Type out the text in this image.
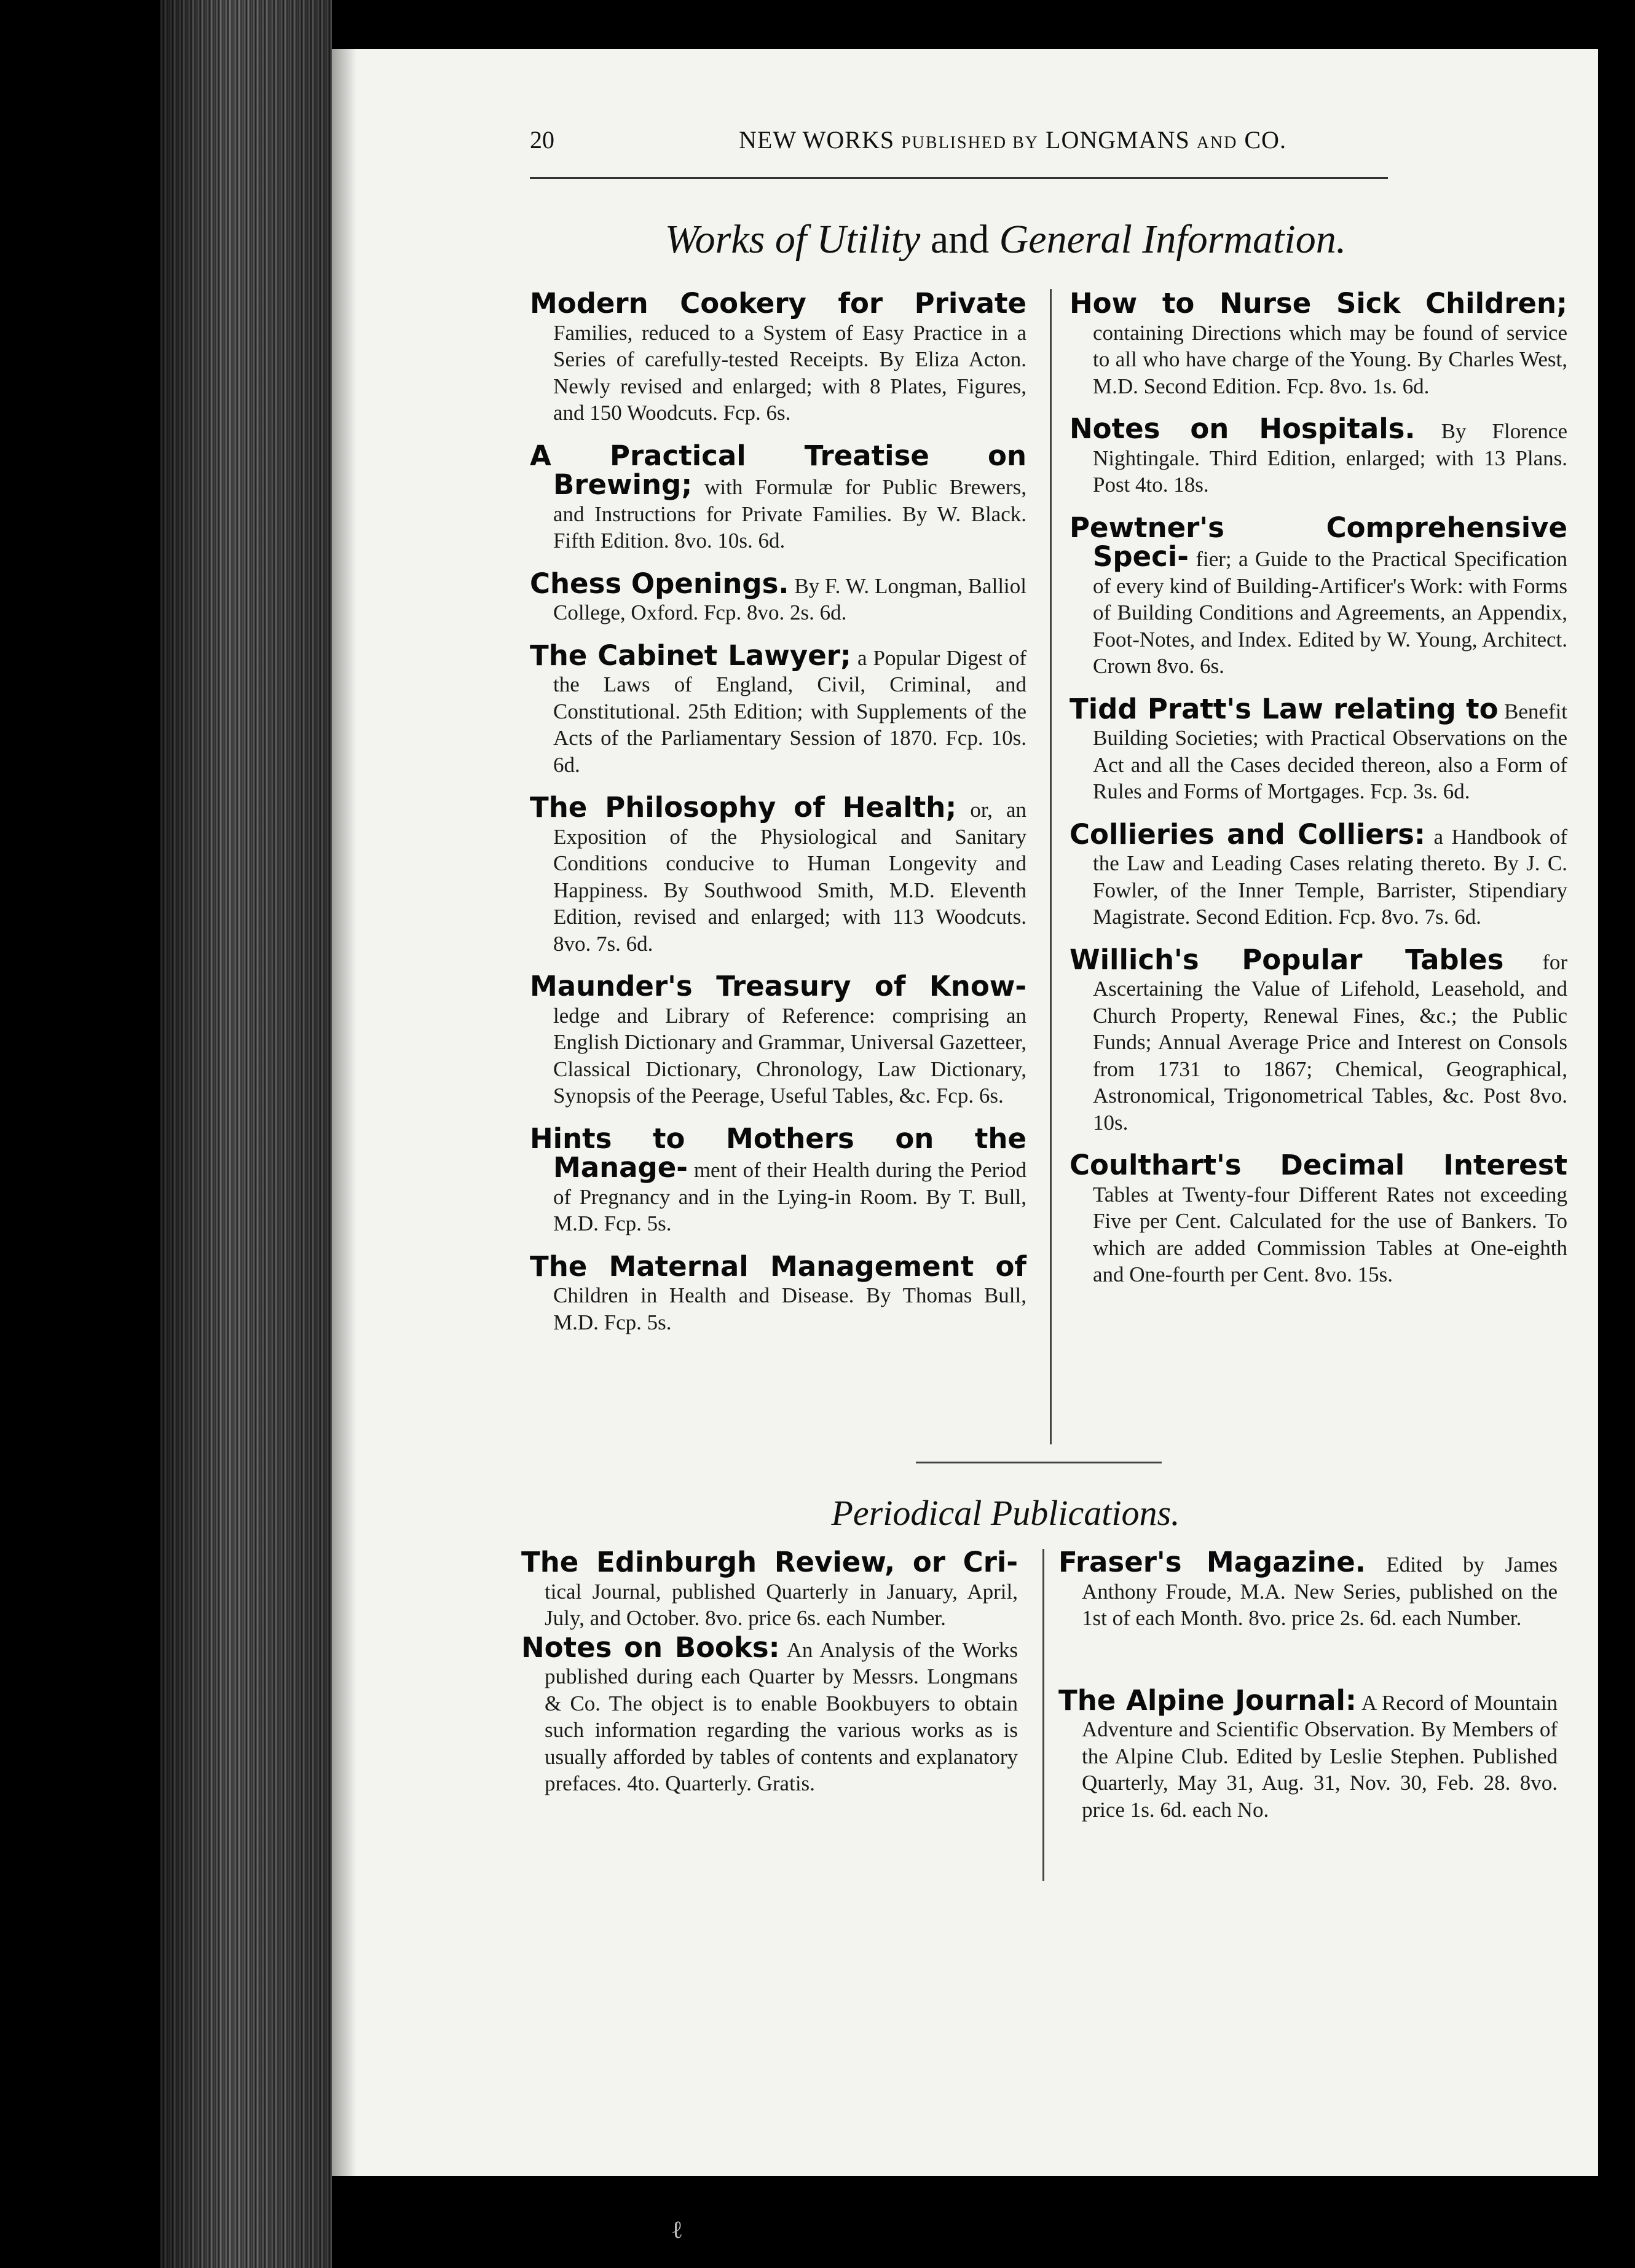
20	NEW WORKS PUBLISHED BY LONGMANS AND CO.
Works of Utility and General Information.

Modern Cookery for Private Families, reduced to a System of Easy Practice in a Series of carefully-tested Receipts. By Eliza Acton. Newly revised and enlarged; with 8 Plates, Figures, and 150 Woodcuts. Fcp. 6s.

A Practical Treatise on Brewing; with Formulæ for Public Brewers, and Instructions for Private Families. By W. Black. Fifth Edition. 8vo. 10s. 6d.

Chess Openings. By F. W. Longman, Balliol College, Oxford. Fcp. 8vo. 2s. 6d.

The Cabinet Lawyer; a Popular Digest of the Laws of England, Civil, Criminal, and Constitutional. 25th Edition; with Supplements of the Acts of the Parliamentary Session of 1870. Fcp. 10s. 6d.

The Philosophy of Health; or, an Exposition of the Physiological and Sanitary Conditions conducive to Human Longevity and Happiness. By Southwood Smith, M.D. Eleventh Edition, revised and enlarged; with 113 Woodcuts. 8vo. 7s. 6d.

Maunder's Treasury of Know- ledge and Library of Reference: comprising an English Dictionary and Grammar, Universal Gazetteer, Classical Dictionary, Chronology, Law Dictionary, Synopsis of the Peerage, Useful Tables, &c. Fcp. 6s.

Hints to Mothers on the Manage- ment of their Health during the Period of Pregnancy and in the Lying-in Room. By T. Bull, M.D. Fcp. 5s.

The Maternal Management of Children in Health and Disease. By Thomas Bull, M.D. Fcp. 5s.

How to Nurse Sick Children; containing Directions which may be found of service to all who have charge of the Young. By Charles West, M.D. Second Edition. Fcp. 8vo. 1s. 6d.

Notes on Hospitals. By Florence Nightingale. Third Edition, enlarged; with 13 Plans. Post 4to. 18s.

Pewtner's Comprehensive Speci- fier; a Guide to the Practical Specification of every kind of Building-Artificer's Work: with Forms of Building Conditions and Agreements, an Appendix, Foot-Notes, and Index. Edited by W. Young, Architect. Crown 8vo. 6s.

Tidd Pratt's Law relating to Benefit Building Societies; with Practical Observations on the Act and all the Cases decided thereon, also a Form of Rules and Forms of Mortgages. Fcp. 3s. 6d.

Collieries and Colliers: a Handbook of the Law and Leading Cases relating thereto. By J. C. Fowler, of the Inner Temple, Barrister, Stipendiary Magistrate. Second Edition. Fcp. 8vo. 7s. 6d.

Willich's Popular Tables for Ascertaining the Value of Lifehold, Leasehold, and Church Property, Renewal Fines, &c.; the Public Funds; Annual Average Price and Interest on Consols from 1731 to 1867; Chemical, Geographical, Astronomical, Trigonometrical Tables, &c. Post 8vo. 10s.

Coulthart's Decimal Interest Tables at Twenty-four Different Rates not exceeding Five per Cent. Calculated for the use of Bankers. To which are added Commission Tables at One-eighth and One-fourth per Cent. 8vo. 15s.

Periodical Publications.

The Edinburgh Review, or Cri- tical Journal, published Quarterly in January, April, July, and October. 8vo. price 6s. each Number.

Notes on Books: An Analysis of the Works published during each Quarter by Messrs. Longmans & Co. The object is to enable Bookbuyers to obtain such information regarding the various works as is usually afforded by tables of contents and explanatory prefaces. 4to. Quarterly. Gratis.

Fraser's Magazine. Edited by James Anthony Froude, M.A. New Series, published on the 1st of each Month. 8vo. price 2s. 6d. each Number.

The Alpine Journal: A Record of Mountain Adventure and Scientific Observation. By Members of the Alpine Club. Edited by Leslie Stephen. Published Quarterly, May 31, Aug. 31, Nov. 30, Feb. 28. 8vo. price 1s. 6d. each No.

ℓ
